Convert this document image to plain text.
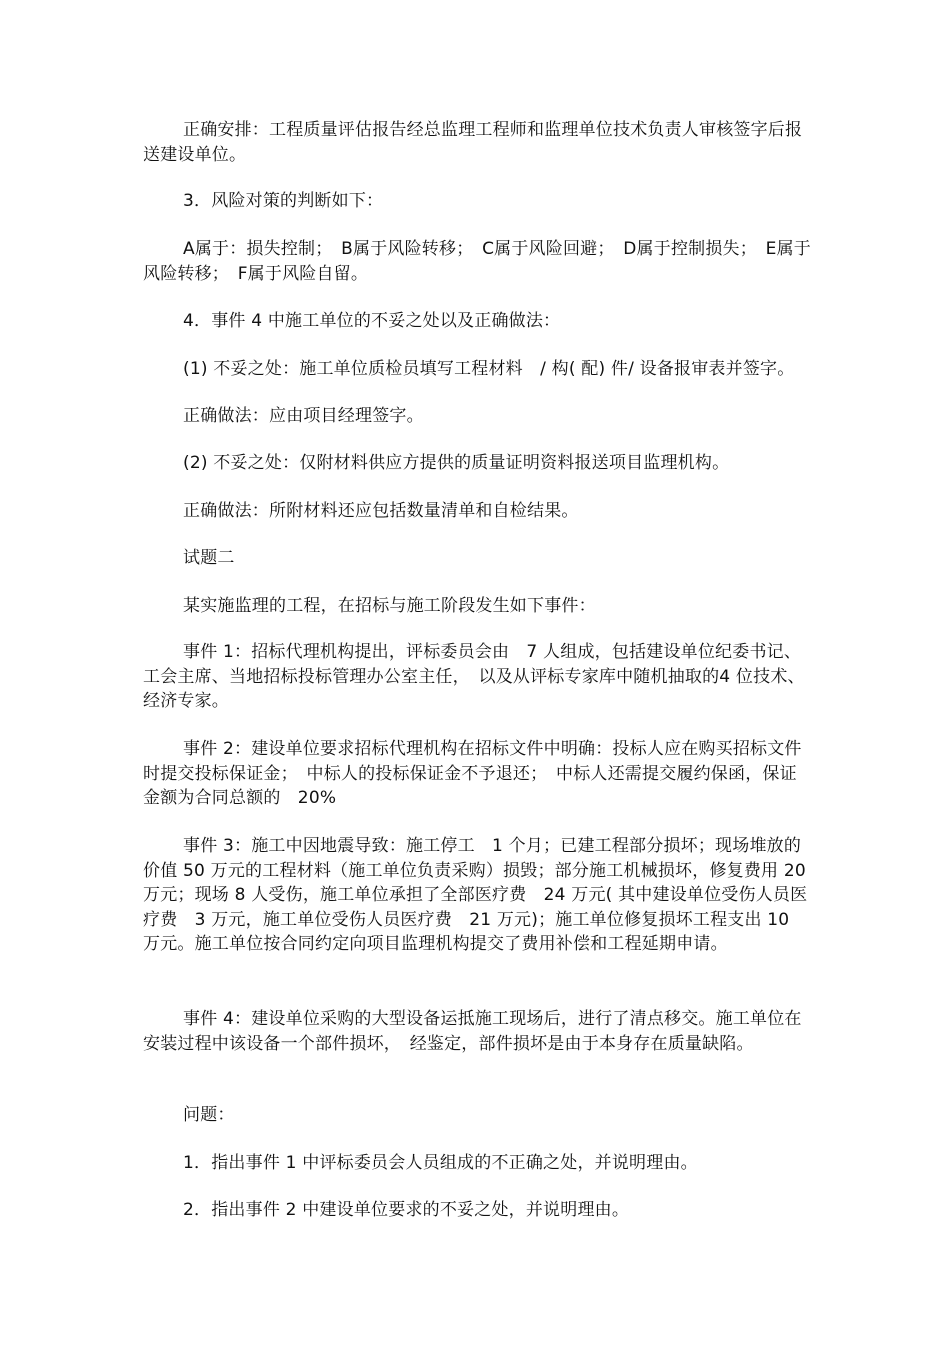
正确安排：工程质量评估报告经总监理工程师和监理单位技术负责人审核签字后报送建设单位。

3．风险对策的判断如下：

A属于：损失控制；　B属于风险转移；　C属于风险回避；　D属于控制损失；　E属于风险转移；　F属于风险自留。

4．事件 4 中施工单位的不妥之处以及正确做法：

(1) 不妥之处：施工单位质检员填写工程材料　/ 构( 配) 件/ 设备报审表并签字。

正确做法：应由项目经理签字。

(2) 不妥之处：仅附材料供应方提供的质量证明资料报送项目监理机构。

正确做法：所附材料还应包括数量清单和自检结果。

试题二

某实施监理的工程，在招标与施工阶段发生如下事件：

事件 1：招标代理机构提出，评标委员会由　7 人组成，包括建设单位纪委书记、工会主席、当地招标投标管理办公室主任，　以及从评标专家库中随机抽取的4 位技术、经济专家。

事件 2：建设单位要求招标代理机构在招标文件中明确：投标人应在购买招标文件时提交投标保证金；　中标人的投标保证金不予退还；　中标人还需提交履约保函，保证金额为合同总额的　20%

事件 3：施工中因地震导致：施工停工　1 个月；已建工程部分损坏；现场堆放的价值 50 万元的工程材料（施工单位负责采购）损毁；部分施工机械损坏，修复费用 20 万元；现场 8 人受伤，施工单位承担了全部医疗费　24 万元( 其中建设单位受伤人员医疗费　3 万元，施工单位受伤人员医疗费　21 万元)；施工单位修复损坏工程支出 10 万元。施工单位按合同约定向项目监理机构提交了费用补偿和工程延期申请。

事件 4：建设单位采购的大型设备运抵施工现场后，进行了清点移交。施工单位在安装过程中该设备一个部件损坏，　经鉴定，部件损坏是由于本身存在质量缺陷。

问题：

1．指出事件 1 中评标委员会人员组成的不正确之处，并说明理由。

2．指出事件 2 中建设单位要求的不妥之处，并说明理由。
